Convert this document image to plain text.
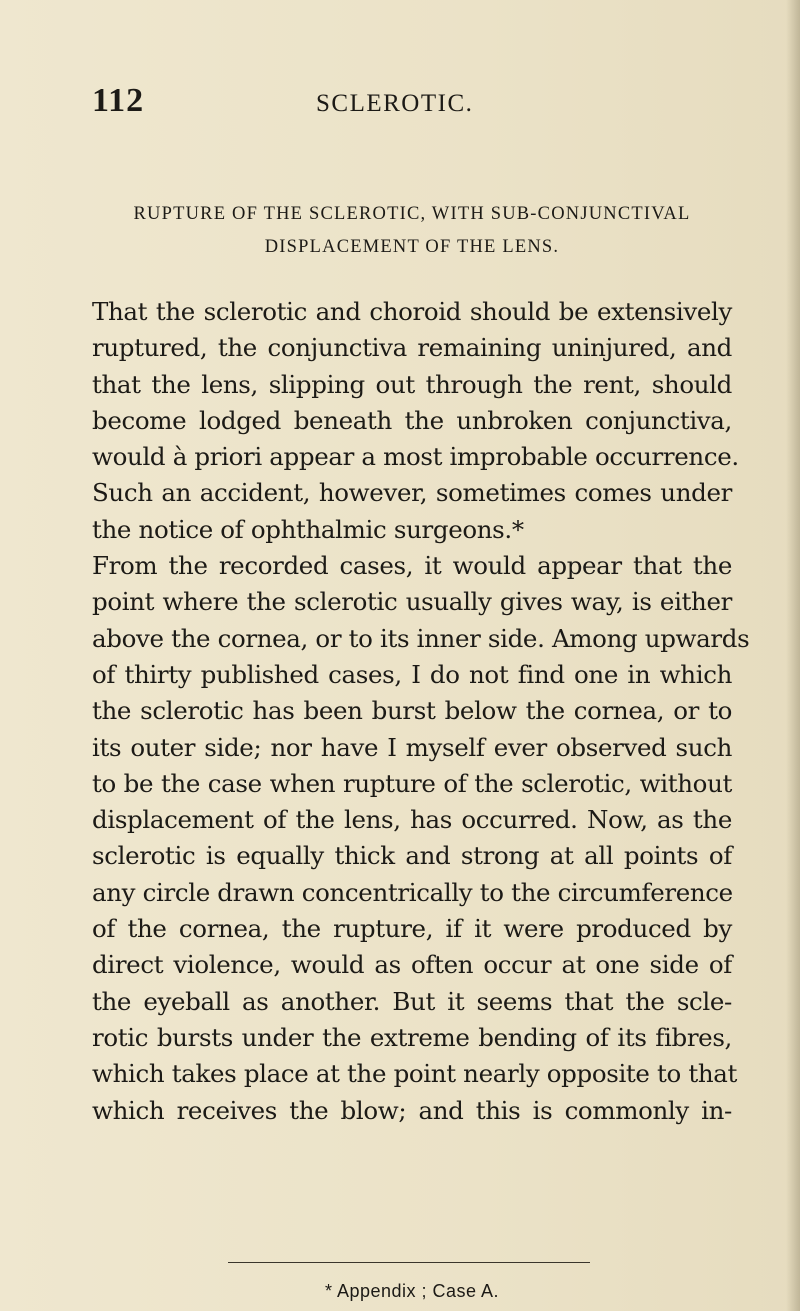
112	SCLEROTIC.
RUPTURE OF THE SCLEROTIC, WITH SUB-CONJUNCTIVAL
DISPLACEMENT OF THE LENS.
That the sclerotic and choroid should be extensively
ruptured, the conjunctiva remaining uninjured, and
that the lens, slipping out through the rent, should
become lodged beneath the unbroken conjunctiva,
would à priori appear a most improbable occurrence.
Such an accident, however, sometimes comes under
the notice of ophthalmic surgeons.*
From the recorded cases, it would appear that the
point where the sclerotic usually gives way, is either
above the cornea, or to its inner side. Among upwards
of thirty published cases, I do not find one in which
the sclerotic has been burst below the cornea, or to
its outer side; nor have I myself ever observed such
to be the case when rupture of the sclerotic, without
displacement of the lens, has occurred. Now, as the
sclerotic is equally thick and strong at all points of
any circle drawn concentrically to the circumference
of the cornea, the rupture, if it were produced by
direct violence, would as often occur at one side of
the eyeball as another. But it seems that the scle-
rotic bursts under the extreme bending of its fibres,
which takes place at the point nearly opposite to that
which receives the blow; and this is commonly in-
* Appendix ; Case A.
